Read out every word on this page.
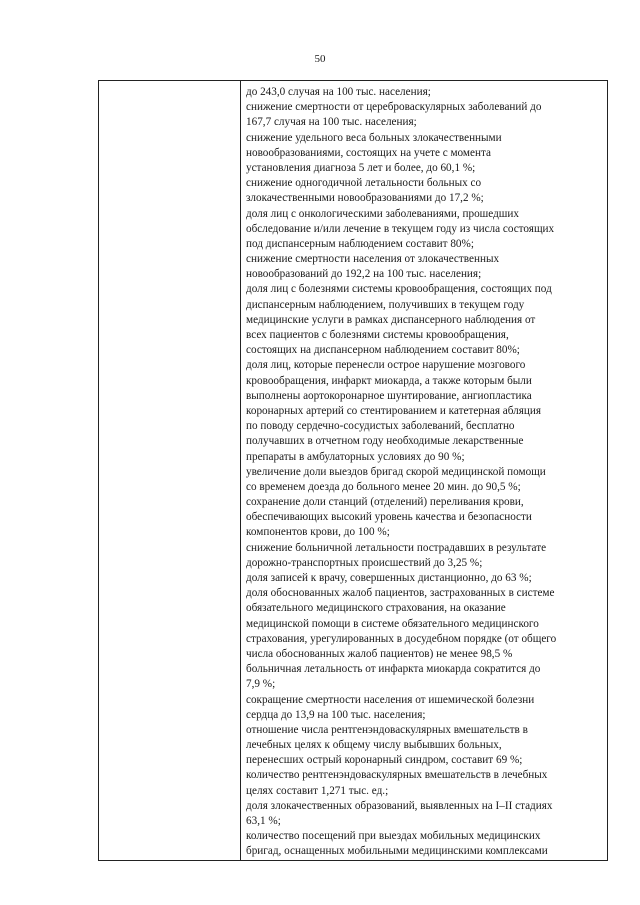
50

до 243,0 случая на 100 тыс. населения;
снижение смертности от цереброваскулярных заболеваний до
167,7 случая на 100 тыс. населения;
снижение удельного веса больных злокачественными
новообразованиями, состоящих на учете с момента
установления диагноза 5 лет и более, до 60,1 %;
снижение одногодичной летальности больных со
злокачественными новообразованиями до 17,2 %;
доля лиц с онкологическими заболеваниями, прошедших
обследование и/или лечение в текущем году из числа состоящих
под диспансерным наблюдением составит 80%;
снижение смертности населения от злокачественных
новообразований до 192,2 на 100 тыс. населения;
доля лиц с болезнями системы кровообращения, состоящих под
диспансерным наблюдением, получивших в текущем году
медицинские услуги в рамках диспансерного наблюдения от
всех пациентов с болезнями системы кровообращения,
состоящих на диспансерном наблюдением составит 80%;
доля лиц, которые перенесли острое нарушение мозгового
кровообращения, инфаркт миокарда, а также которым были
выполнены аортокоронарное шунтирование, ангиопластика
коронарных артерий со стентированием и катетерная абляция
по поводу сердечно-сосудистых заболеваний, бесплатно
получавших в отчетном году необходимые лекарственные
препараты в амбулаторных условиях до 90 %;
увеличение доли выездов бригад скорой медицинской помощи
со временем доезда до больного менее 20 мин. до 90,5 %;
сохранение доли станций (отделений) переливания крови,
обеспечивающих высокий уровень качества и безопасности
компонентов крови, до 100 %;
снижение больничной летальности пострадавших в результате
дорожно-транспортных происшествий до 3,25 %;
доля записей к врачу, совершенных дистанционно, до 63 %;
доля обоснованных жалоб пациентов, застрахованных в системе
обязательного медицинского страхования, на оказание
медицинской помощи в системе обязательного медицинского
страхования, урегулированных в досудебном порядке (от общего
числа обоснованных жалоб пациентов) не менее 98,5 %
больничная летальность от инфаркта миокарда сократится до
7,9 %;
сокращение смертности населения от ишемической болезни
сердца до 13,9 на 100 тыс. населения;
отношение числа рентгенэндоваскулярных вмешательств в
лечебных целях к общему числу выбывших больных,
перенесших острый коронарный синдром, составит 69 %;
количество рентгенэндоваскулярных вмешательств в лечебных
целях составит 1,271 тыс. ед.;
доля злокачественных образований, выявленных на I–II стадиях
63,1 %;
количество посещений при выездах мобильных медицинских
бригад, оснащенных мобильными медицинскими комплексами
